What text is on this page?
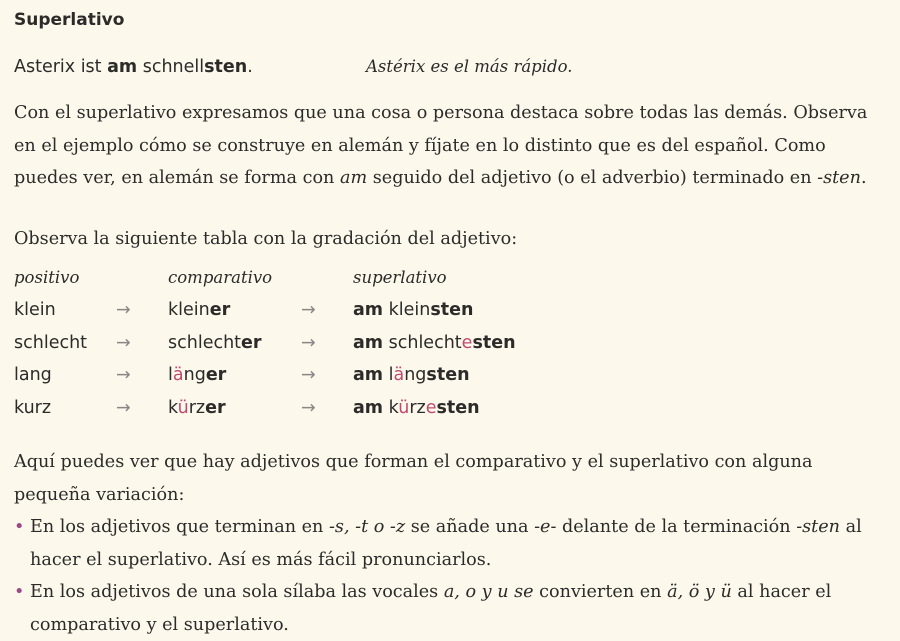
Superlativo
Asterix ist am schnellsten.	Astérix es el más rápido.
Con el superlativo expresamos que una cosa o persona destaca sobre todas las demás. Observa en el ejemplo cómo se construye en alemán y fíjate en lo distinto que es del español. Como puedes ver, en alemán se forma con am seguido del adjetivo (o el adverbio) terminado en -sten.
Observa la siguiente tabla con la gradación del adjetivo:
positivo	comparativo	superlativo
klein	→ kleiner	→ am kleinsten
schlecht → schlechter → am schlechtesten
lang	→ länger	→ am längsten
kurz	→ kürzer	→ am kürzesten
Aquí puedes ver que hay adjetivos que forman el comparativo y el superlativo con alguna pequeña variación:
• En los adjetivos que terminan en -s, -t o -z se añade una -e- delante de la terminación -sten al hacer el superlativo. Así es más fácil pronunciarlos.
• En los adjetivos de una sola sílaba las vocales a, o y u se convierten en ä, ö y ü al hacer el comparativo y el superlativo.
